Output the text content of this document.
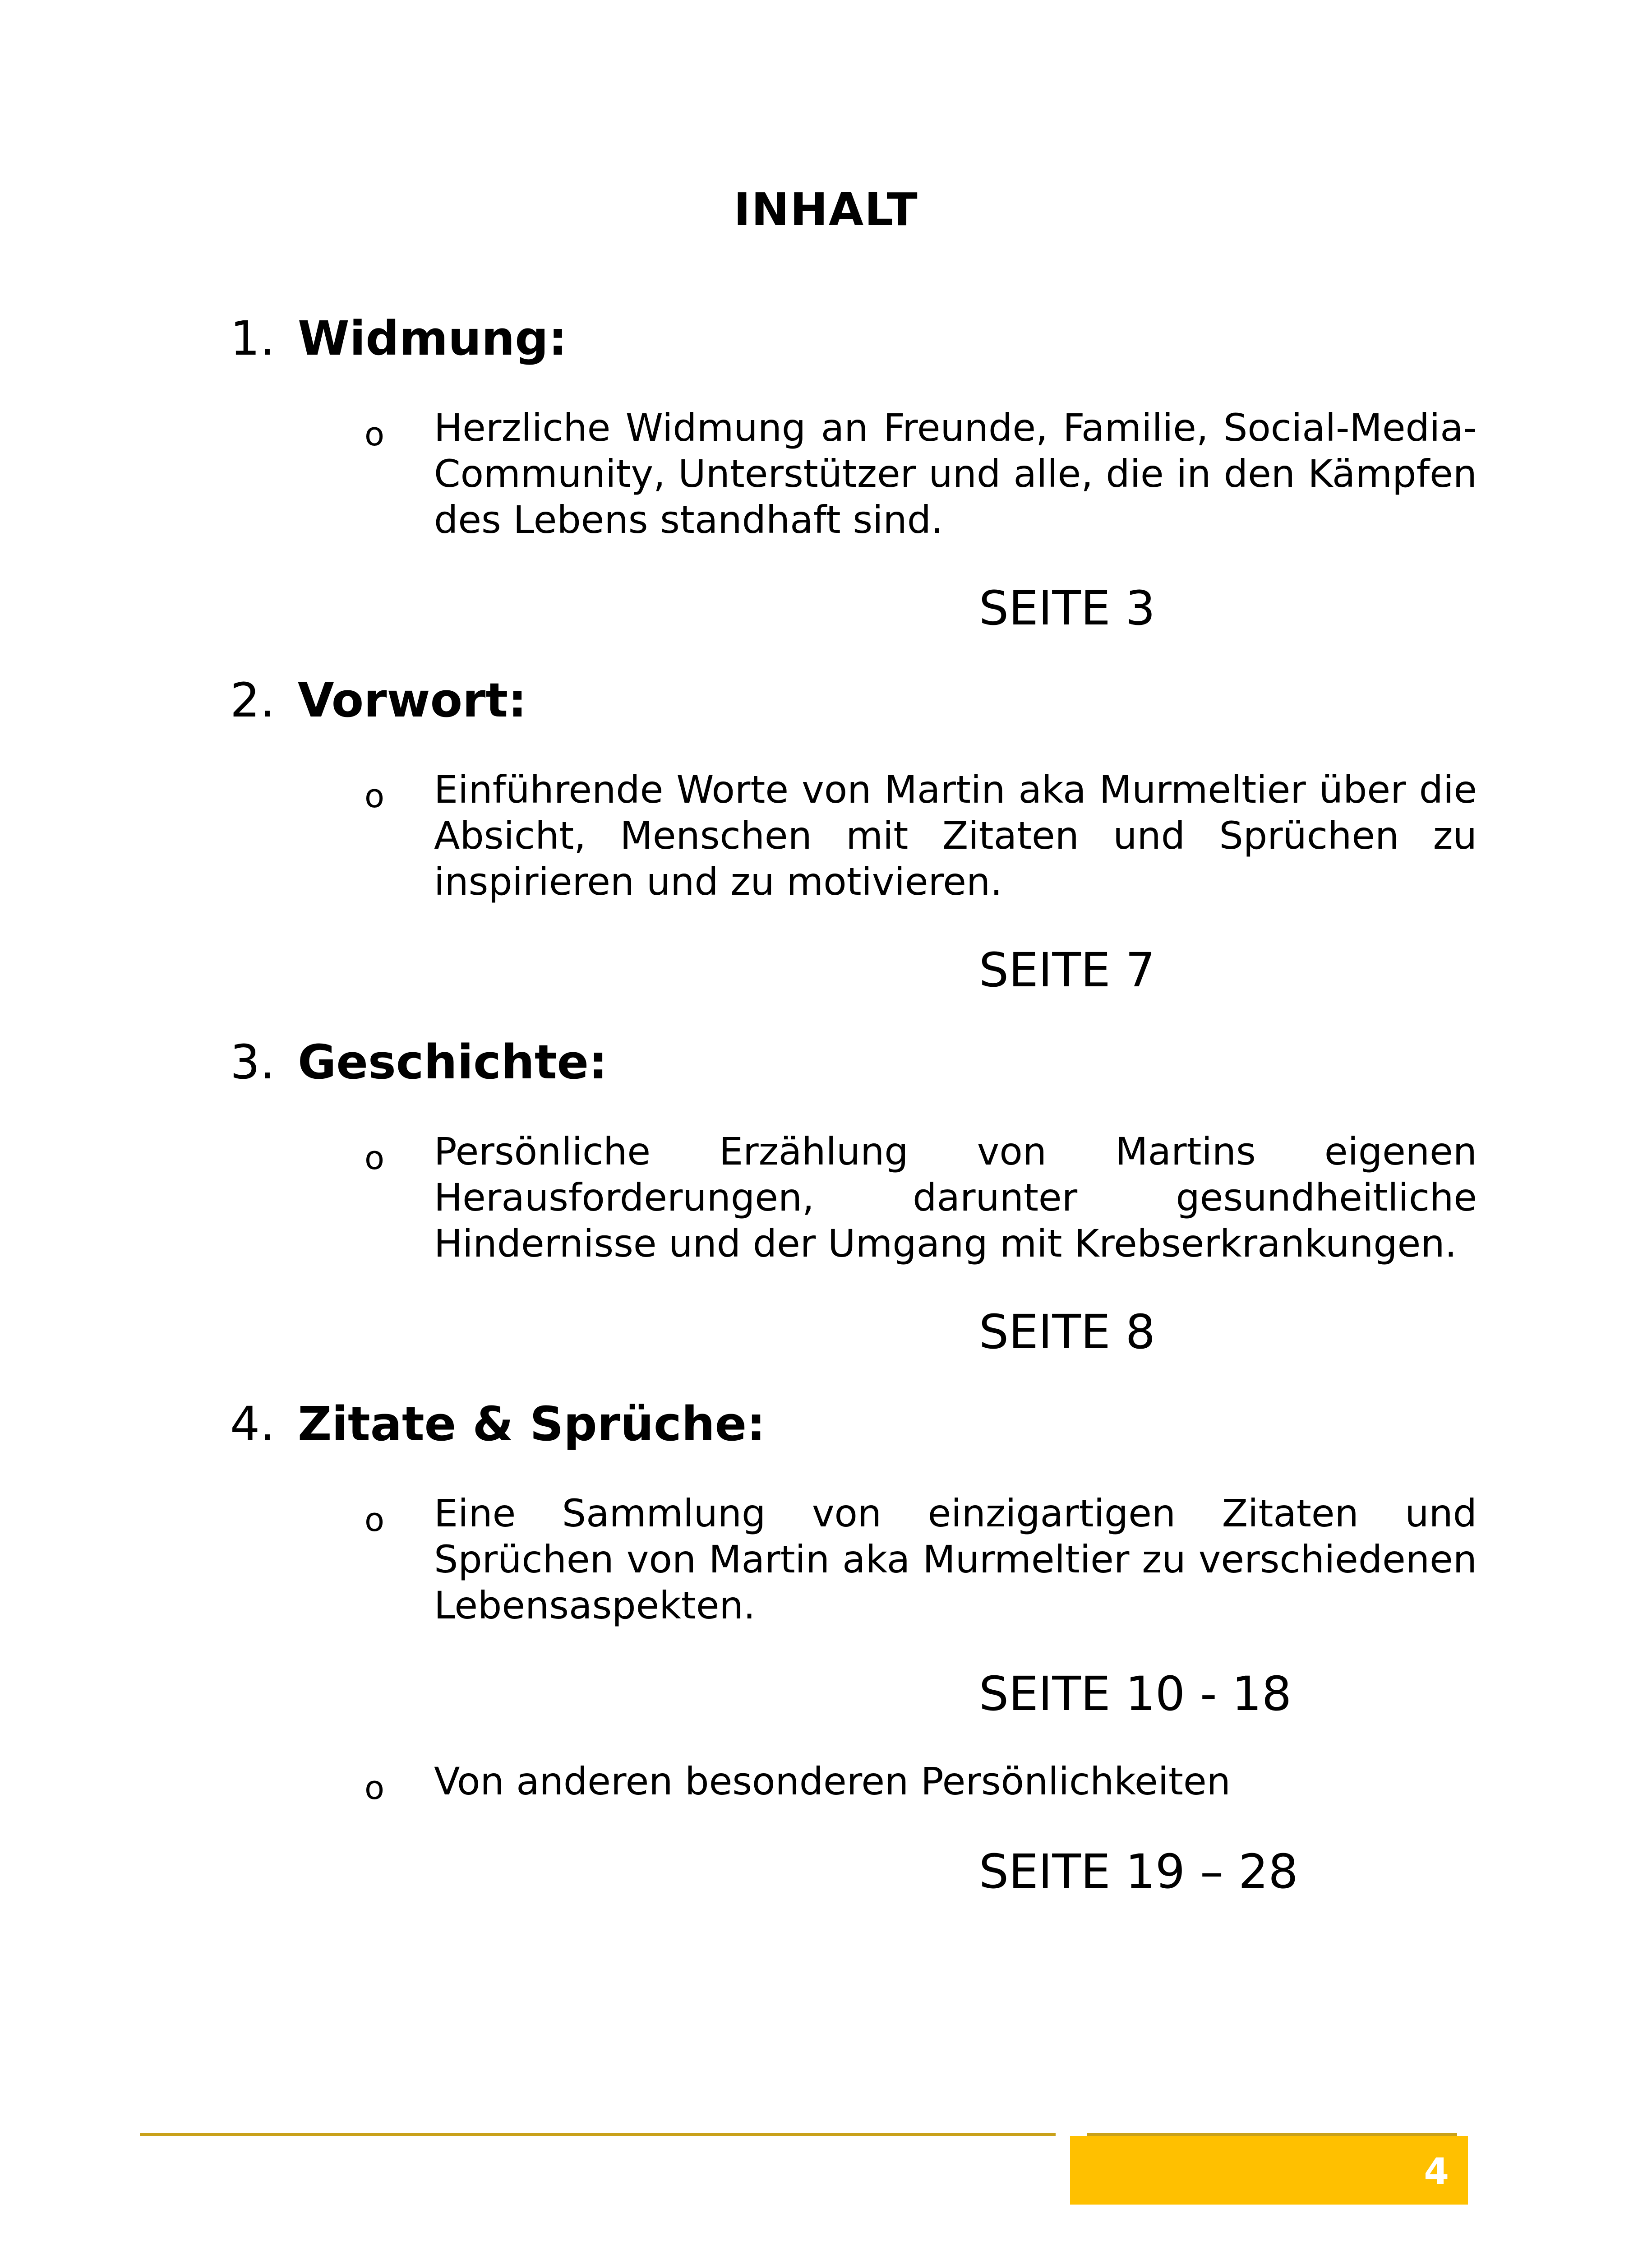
INHALT
1. Widmung:
o Herzliche Widmung an Freunde, Familie, Social-Media-Community, Unterstützer und alle, die in den Kämpfen des Lebens standhaft sind.
SEITE 3
2. Vorwort:
o Einführende Worte von Martin aka Murmeltier über die Absicht, Menschen mit Zitaten und Sprüchen zu inspirieren und zu motivieren.
SEITE 7
3. Geschichte:
o Persönliche Erzählung von Martins eigenen Herausforderungen, darunter gesundheitliche Hindernisse und der Umgang mit Krebserkrankungen.
SEITE 8
4. Zitate & Sprüche:
o Eine Sammlung von einzigartigen Zitaten und Sprüchen von Martin aka Murmeltier zu verschiedenen Lebensaspekten.
SEITE 10 - 18
o Von anderen besonderen Persönlichkeiten
SEITE 19 – 28
4
